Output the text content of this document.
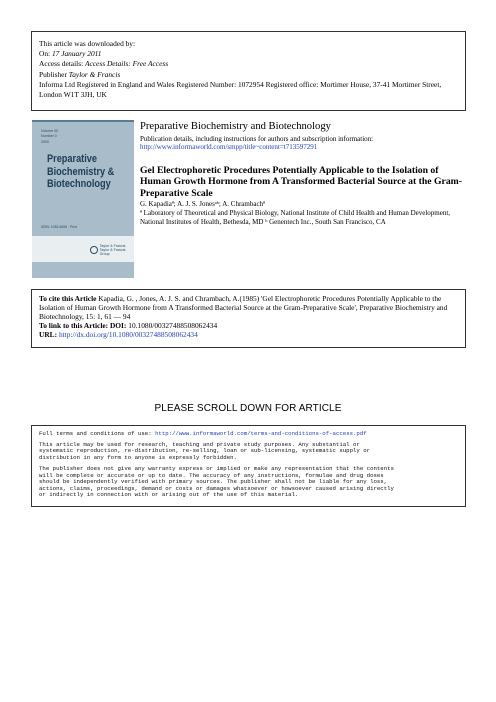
This article was downloaded by:
On: 17 January 2011
Access details: Access Details: Free Access
Publisher Taylor & Francis
Informa Ltd Registered in England and Wales Registered Number: 1072954 Registered office: Mortimer House, 37-41 Mortimer Street, London W1T 3JH, UK
Volume 00
Number 0
2000
Preparative
Biochemistry &
Biotechnology
ISSN: 1082-6068 · Print
Taylor & Francis
Taylor & Francis Group
Preparative Biochemistry and Biotechnology
Publication details, including instructions for authors and subscription information:
http://www.informaworld.com/smpp/title~content=t713597291
Gel Electrophoretic Procedures Potentially Applicable to the Isolation of Human Growth Hormone from A Transformed Bacterial Source at the Gram-Preparative Scale
G. Kapadiaª; A. J. S. Jonesᵃᵇ; A. Chrambachª
ª Laboratory of Theoretical and Physical Biology, National Institute of Child Health and Human Development, National Institutes of Health, Bethesda, MD ᵇ Genentech Inc., South San Francisco, CA
To cite this Article Kapadia, G. , Jones, A. J. S. and Chrambach, A.(1985) 'Gel Electrophoretic Procedures Potentially Applicable to the Isolation of Human Growth Hormone from A Transformed Bacterial Source at the Gram-Preparative Scale', Preparative Biochemistry and Biotechnology, 15: 1, 61 — 94
To link to this Article: DOI: 10.1080/00327488508062434
URL: http://dx.doi.org/10.1080/00327488508062434
PLEASE SCROLL DOWN FOR ARTICLE

Full terms and conditions of use: http://www.informaworld.com/terms-and-conditions-of-access.pdf

This article may be used for research, teaching and private study purposes. Any substantial or
systematic reproduction, re-distribution, re-selling, loan or sub-licensing, systematic supply or
distribution in any form to anyone is expressly forbidden.

The publisher does not give any warranty express or implied or make any representation that the contents
will be complete or accurate or up to date. The accuracy of any instructions, formulae and drug doses
should be independently verified with primary sources. The publisher shall not be liable for any loss,
actions, claims, proceedings, demand or costs or damages whatsoever or howsoever caused arising directly
or indirectly in connection with or arising out of the use of this material.
